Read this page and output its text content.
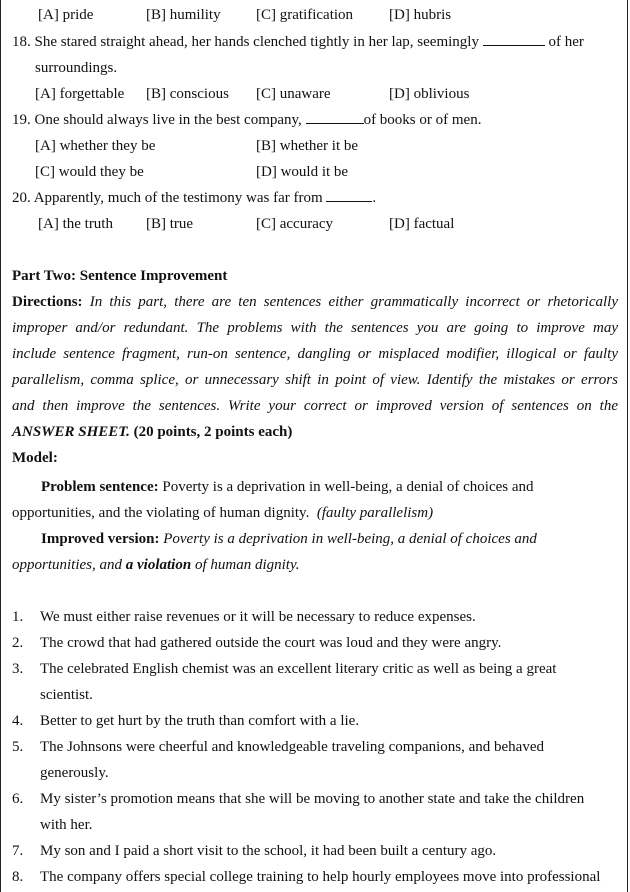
[A] pride	[B] humility [C] gratification [D] hubris
18. She stared straight ahead, her hands clenched tightly in her lap, seemingly	of her
surroundings.
[A] forgettable [B] conscious [C] unaware	[D] oblivious
19. One should always live in the best company,	of books or of men.
[A] whether they be	[B] whether it be
[C] would they be	[D] would it be
20. Apparently, much of the testimony was far from	.
[A] the truth [B] true	[C] accuracy	[D] factual
Part Two: Sentence Improvement
Directions: In this part, there are ten sentences either grammatically incorrect or rhetorically
improper and/or redundant. The problems with the sentences you are going to improve may
include sentence fragment, run-on sentence, dangling or misplaced modifier, illogical or faulty
parallelism, comma splice, or unnecessary shift in point of view. Identify the mistakes or errors
and then improve the sentences. Write your correct or improved version of sentences on the
ANSWER SHEET. (20 points, 2 points each)
Model:
Problem sentence: Poverty is a deprivation in well-being, a denial of choices and
opportunities, and the violating of human dignity. (faulty parallelism)
Improved version: Poverty is a deprivation in well-being, a denial of choices and
opportunities, and a violation of human dignity.
1. We must either raise revenues or it will be necessary to reduce expenses.
2. The crowd that had gathered outside the court was loud and they were angry.
3. The celebrated English chemist was an excellent literary critic as well as being a great
scientist.
4. Better to get hurt by the truth than comfort with a lie.
5. The Johnsons were cheerful and knowledgeable traveling companions, and behaved
generously.
6. My sister’s promotion means that she will be moving to another state and take the children
with her.
7. My son and I paid a short visit to the school, it had been built a century ago.
8. The company offers special college training to help hourly employees move into professional
